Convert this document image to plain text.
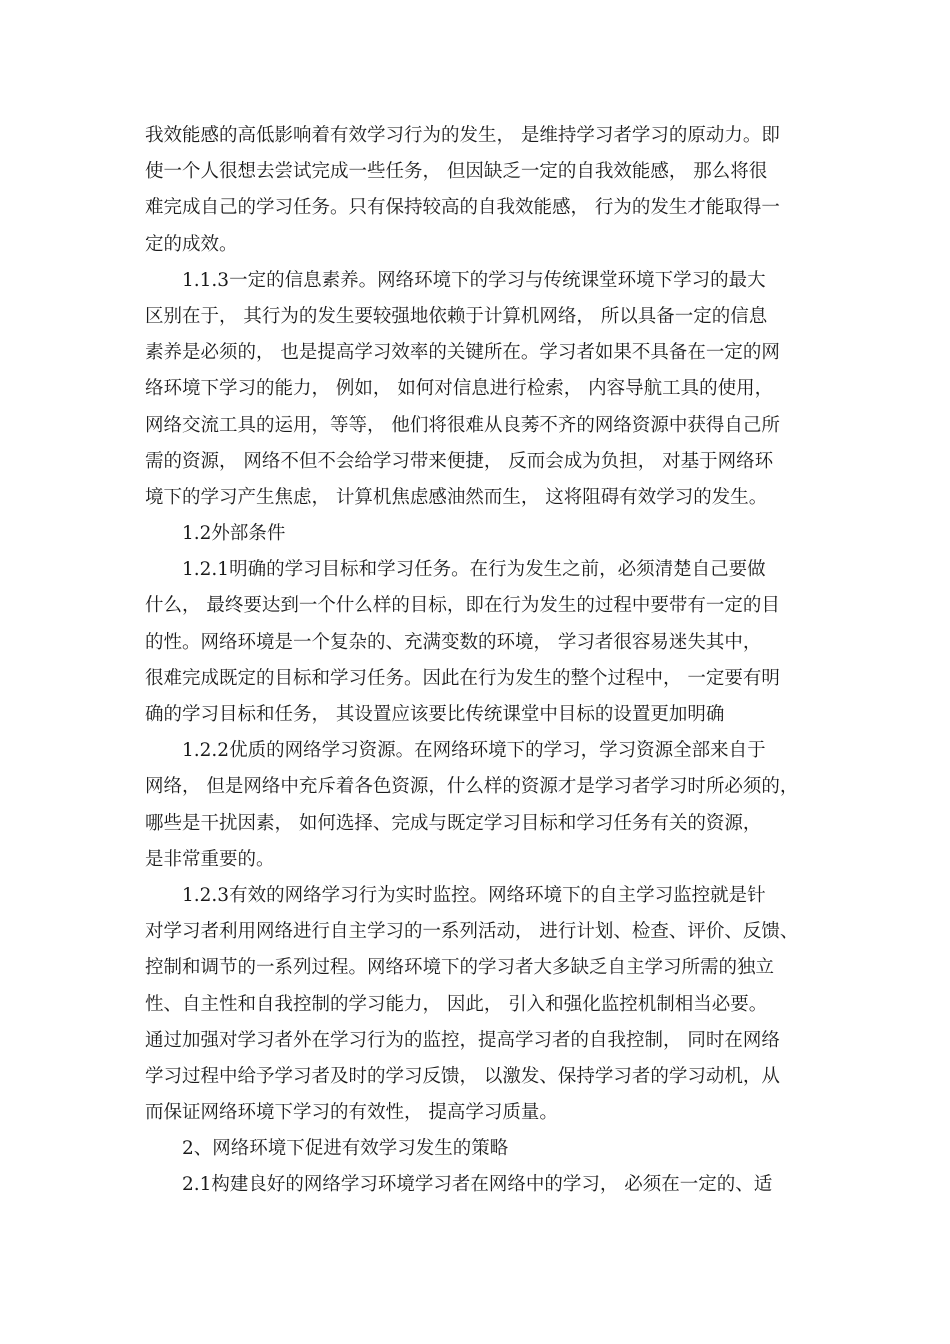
我效能感的高低影响着有效学习行为的发生， 是维持学习者学习的原动力。即
使一个人很想去尝试完成一些任务， 但因缺乏一定的自我效能感， 那么将很
难完成自己的学习任务。只有保持较高的自我效能感， 行为的发生才能取得一
定的成效。
1.1.3一定的信息素养。网络环境下的学习与传统课堂环境下学习的最大
区别在于， 其行为的发生要较强地依赖于计算机网络， 所以具备一定的信息
素养是必须的， 也是提高学习效率的关键所在。学习者如果不具备在一定的网
络环境下学习的能力， 例如， 如何对信息进行检索， 内容导航工具的使用，
网络交流工具的运用，等等， 他们将很难从良莠不齐的网络资源中获得自己所
需的资源， 网络不但不会给学习带来便捷， 反而会成为负担， 对基于网络环
境下的学习产生焦虑， 计算机焦虑感油然而生， 这将阻碍有效学习的发生。
1.2外部条件
1.2.1明确的学习目标和学习任务。在行为发生之前，必须清楚自己要做
什么， 最终要达到一个什么样的目标，即在行为发生的过程中要带有一定的目
的性。网络环境是一个复杂的、充满变数的环境， 学习者很容易迷失其中，
很难完成既定的目标和学习任务。因此在行为发生的整个过程中， 一定要有明
确的学习目标和任务， 其设置应该要比传统课堂中目标的设置更加明确
1.2.2优质的网络学习资源。在网络环境下的学习，学习资源全部来自于
网络， 但是网络中充斥着各色资源，什么样的资源才是学习者学习时所必须的，
哪些是干扰因素， 如何选择、完成与既定学习目标和学习任务有关的资源，
是非常重要的。
1.2.3有效的网络学习行为实时监控。网络环境下的自主学习监控就是针
对学习者利用网络进行自主学习的一系列活动， 进行计划、检查、评价、反馈、
控制和调节的一系列过程。网络环境下的学习者大多缺乏自主学习所需的独立
性、自主性和自我控制的学习能力， 因此， 引入和强化监控机制相当必要。
通过加强对学习者外在学习行为的监控，提高学习者的自我控制， 同时在网络
学习过程中给予学习者及时的学习反馈， 以激发、保持学习者的学习动机，从
而保证网络环境下学习的有效性， 提高学习质量。
2、网络环境下促进有效学习发生的策略
2.1构建良好的网络学习环境学习者在网络中的学习， 必须在一定的、适
